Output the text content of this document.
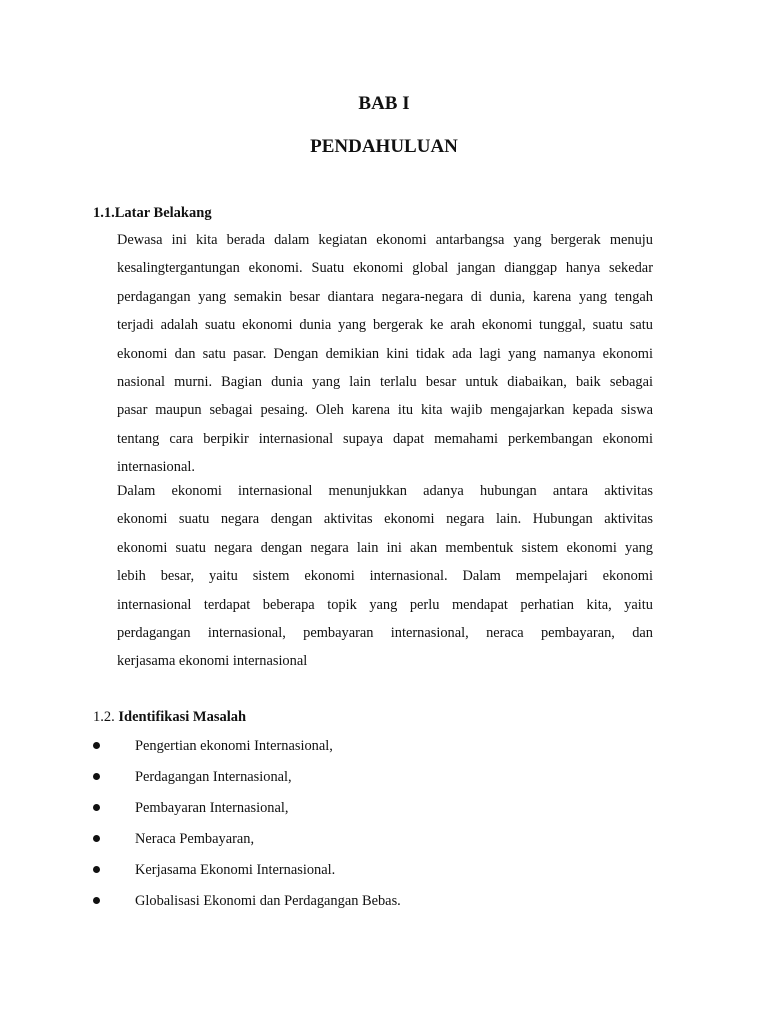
BAB I
PENDAHULUAN
1.1.Latar Belakang
Dewasa ini kita berada dalam kegiatan ekonomi antarbangsa yang bergerak menuju
kesalingtergantungan ekonomi. Suatu ekonomi global jangan dianggap hanya sekedar
perdagangan yang semakin besar diantara negara-negara di dunia, karena yang tengah
terjadi adalah suatu ekonomi dunia yang bergerak ke arah ekonomi tunggal, suatu satu
ekonomi dan satu pasar. Dengan demikian kini tidak ada lagi yang namanya ekonomi
nasional murni. Bagian dunia yang lain terlalu besar untuk diabaikan, baik sebagai
pasar maupun sebagai pesaing. Oleh karena itu kita wajib mengajarkan kepada siswa
tentang cara berpikir internasional supaya dapat memahami perkembangan ekonomi
internasional.
Dalam ekonomi internasional menunjukkan adanya hubungan antara aktivitas
ekonomi suatu negara dengan aktivitas ekonomi negara lain. Hubungan aktivitas
ekonomi suatu negara dengan negara lain ini akan membentuk sistem ekonomi yang
lebih besar, yaitu sistem ekonomi internasional. Dalam mempelajari ekonomi
internasional terdapat beberapa topik yang perlu mendapat perhatian kita, yaitu
perdagangan internasional, pembayaran internasional, neraca pembayaran, dan
kerjasama ekonomi internasional
1.2. Identifikasi Masalah
Pengertian ekonomi Internasional,
Perdagangan Internasional,
Pembayaran Internasional,
Neraca Pembayaran,
Kerjasama Ekonomi Internasional.
Globalisasi Ekonomi dan Perdagangan Bebas.
